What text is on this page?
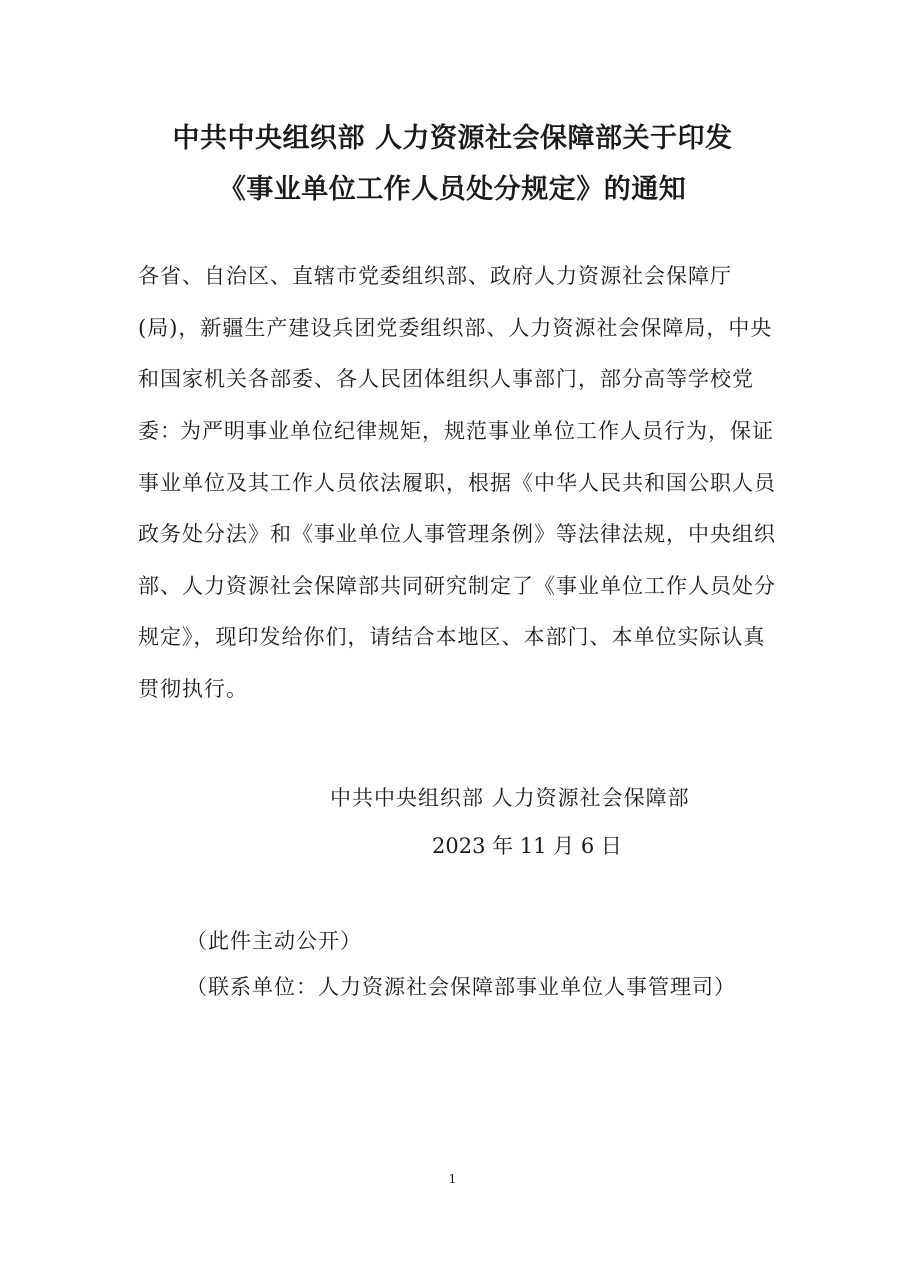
中共中央组织部 人力资源社会保障部关于印发
《事业单位工作人员处分规定》的通知

各省、自治区、直辖市党委组织部、政府人力资源社会保障厅(局)，新疆生产建设兵团党委组织部、人力资源社会保障局，中央和国家机关各部委、各人民团体组织人事部门，部分高等学校党委：

为严明事业单位纪律规矩，规范事业单位工作人员行为，保证事业单位及其工作人员依法履职，根据《中华人民共和国公职人员政务处分法》和《事业单位人事管理条例》等法律法规，中央组织部、人力资源社会保障部共同研究制定了《事业单位工作人员处分规定》，现印发给你们，请结合本地区、本部门、本单位实际认真贯彻执行。

中共中央组织部 人力资源社会保障部
2023 年 11 月 6 日
（此件主动公开）
（联系单位：人力资源社会保障部事业单位人事管理司）
1
